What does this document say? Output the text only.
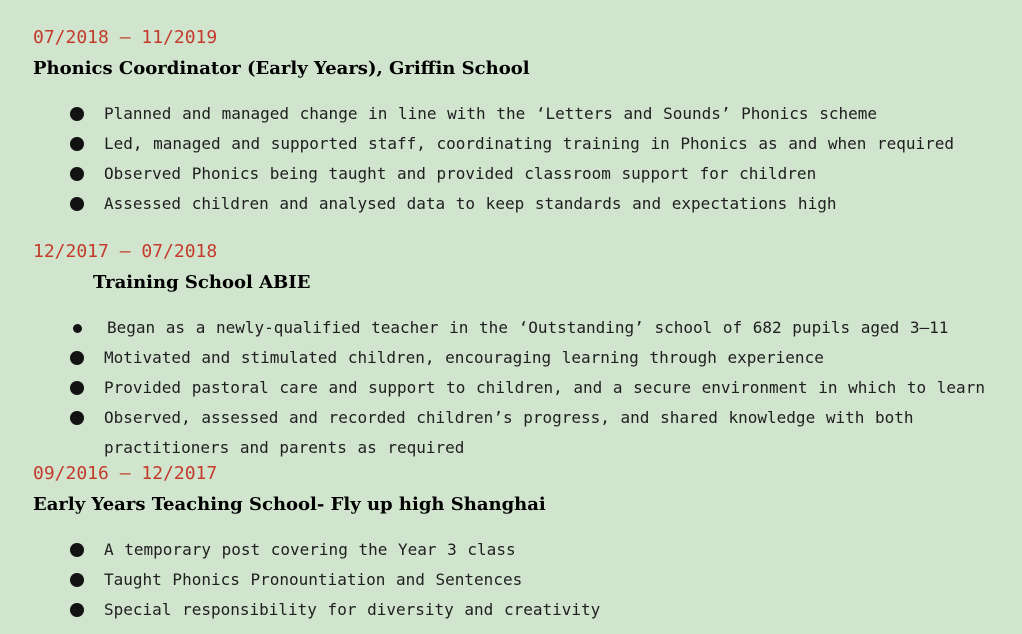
07/2018 – 11/2019
Phonics Coordinator (Early Years), Griffin School
Planned and managed change in line with the ‘Letters and Sounds’ Phonics scheme
Led, managed and supported staff, coordinating training in Phonics as and when required
Observed Phonics being taught and provided classroom support for children
Assessed children and analysed data to keep standards and expectations high
12/2017 – 07/2018
Training School ABIE
Began as a newly-qualified teacher in the ‘Outstanding’ school of 682 pupils aged 3–11
Motivated and stimulated children, encouraging learning through experience
Provided pastoral care and support to children, and a secure environment in which to learn
Observed, assessed and recorded children’s progress, and shared knowledge with both practitioners and parents as required
09/2016 – 12/2017
Early Years Teaching School- Fly up high Shanghai
A temporary post covering the Year 3 class
Taught Phonics Pronountiation and Sentences
Special responsibility for diversity and creativity
